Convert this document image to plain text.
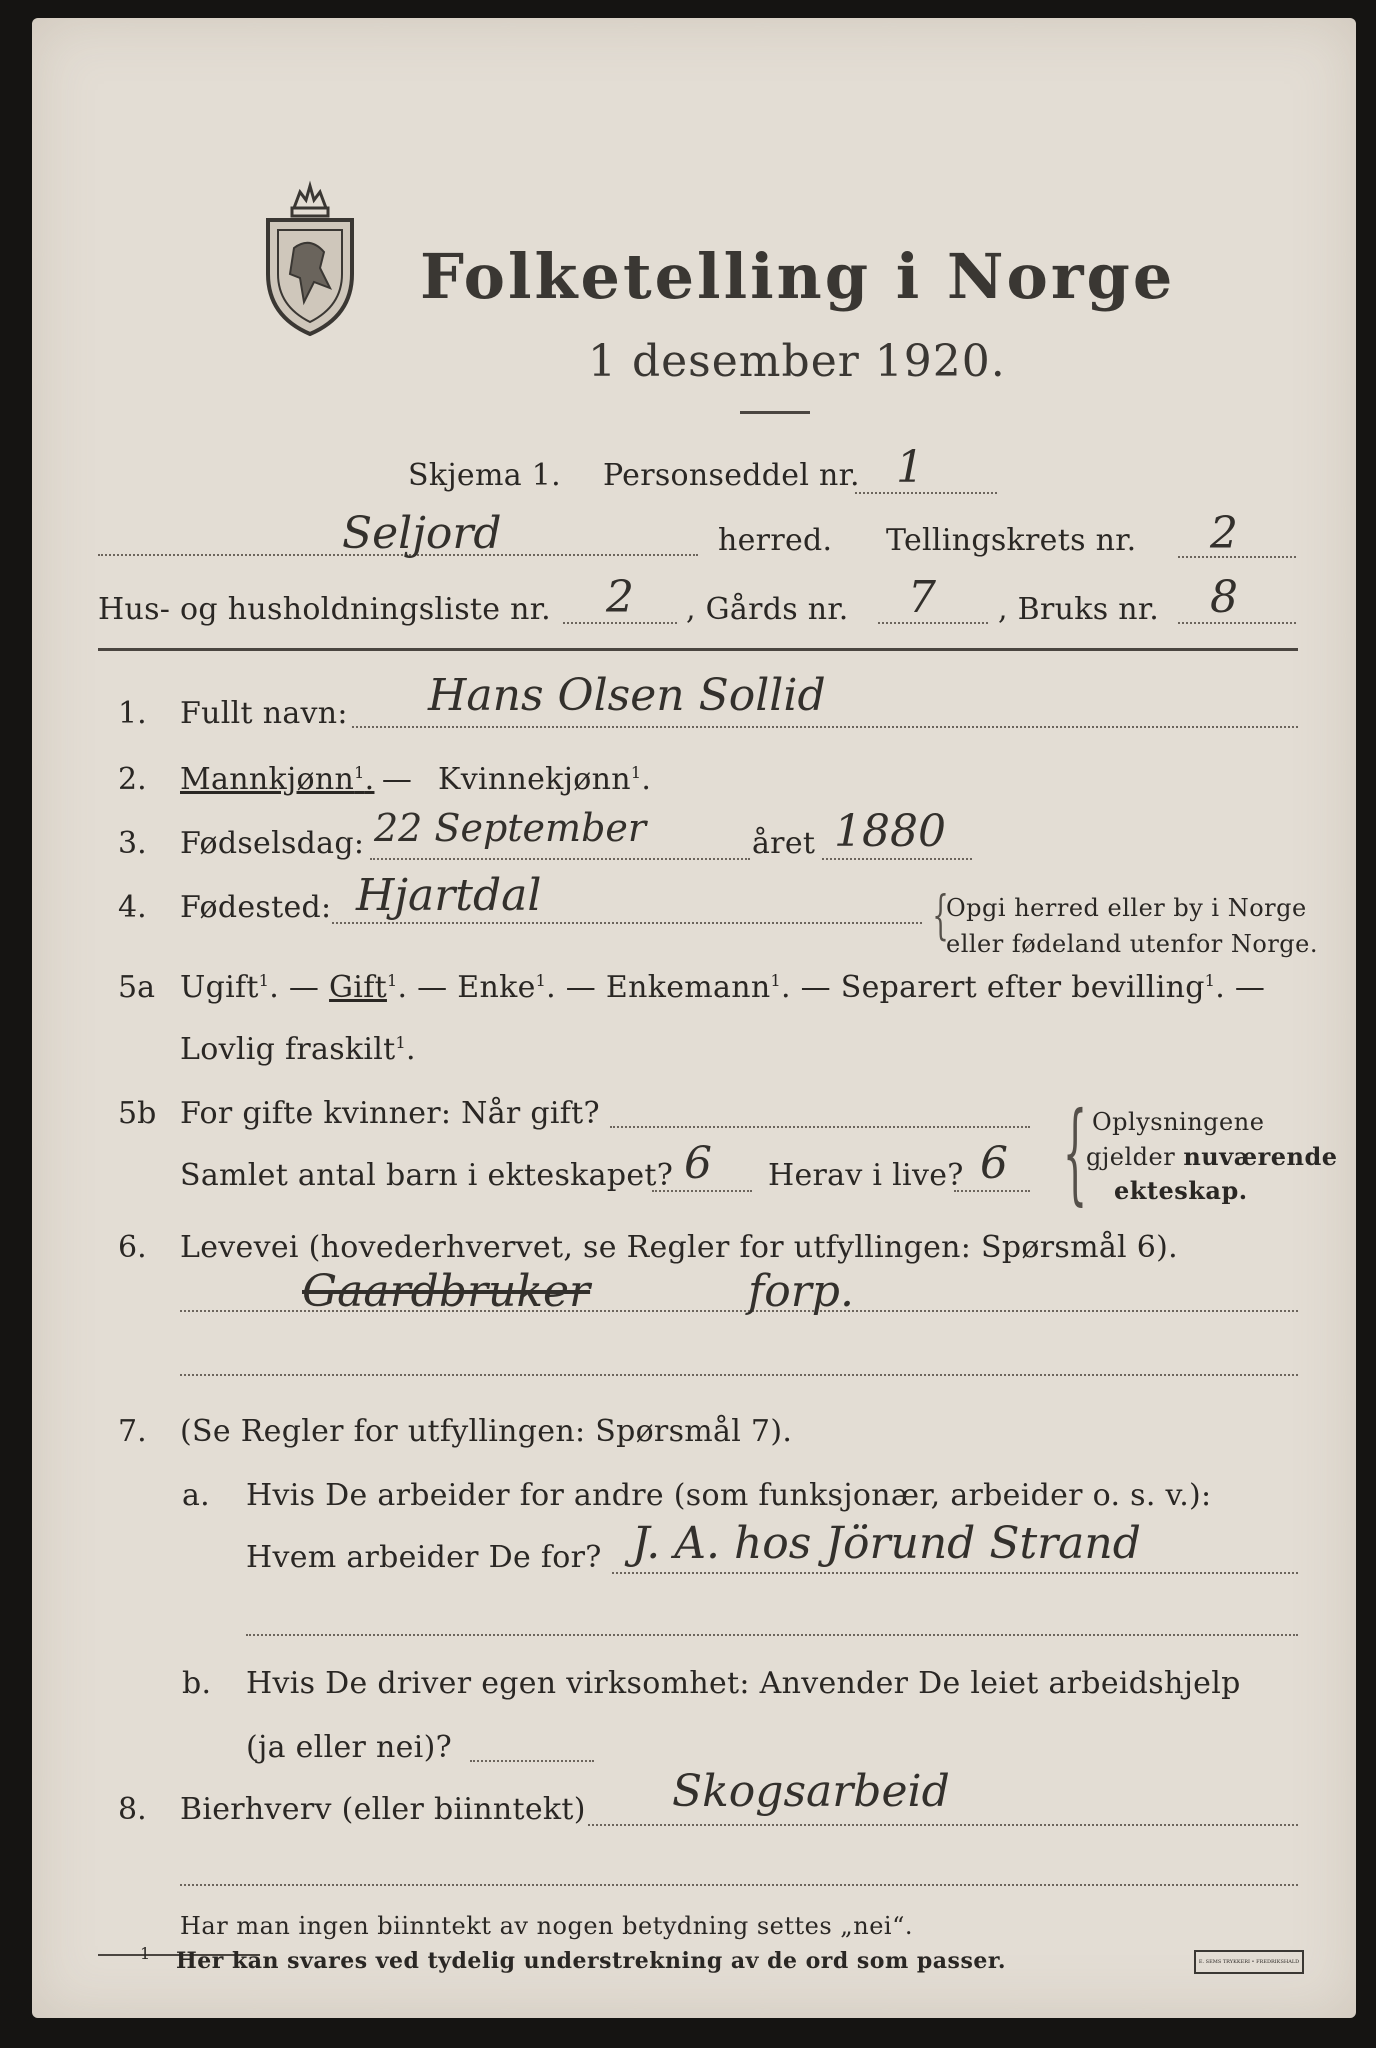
Folketelling i Norge
1 desember 1920.
Skjema 1. Personseddel nr. 1
Seljord	herred. Tellingskrets nr. 2
Hus- og husholdningsliste nr. 2 , Gårds nr. 7 , Bruks nr. 8
1. Fullt navn: Hans Olsen Sollid
2. Mannkjønn$^1$.
— Kvinnekjønn$^1$.
3. Fødselsdag: 22 September	året 1880
4. Fødested: Hjartdal	{
Opgi herred eller by i Norge
eller fødeland utenfor Norge.
5a Ugift$^1$. — Gift$^1$. — Enke$^1$. — Enkemann$^1$. — Separert efter bevilling$^1$. —
Lovlig fraskilt$^1$.
5b For gifte kvinner: Når gift?
Samlet antal barn i ekteskapet? 6 Herav i live? 6 { Oplysningene
gjelder nuværende
ekteskap.
6. Levevei (hovederhvervet, se Regler for utfyllingen: Spørsmål 6).
Gaardbruker	forp.
7. (Se Regler for utfyllingen: Spørsmål 7).
a. Hvis De arbeider for andre (som funksjonær, arbeider o. s. v.):
Hvem arbeider De for? J. A. hos Jörund Strand
b. Hvis De driver egen virksomhet: Anvender De leiet arbeidshjelp
(ja eller nei)?
8. Bierhverv (eller biinntekt) Skogsarbeid
Har man ingen biinntekt av nogen betydning settes „nei“.
1 Her kan svares ved tydelig understrekning av de ord som passer.	E. SEMS TRYKKERI • FREDRIKSHALD
